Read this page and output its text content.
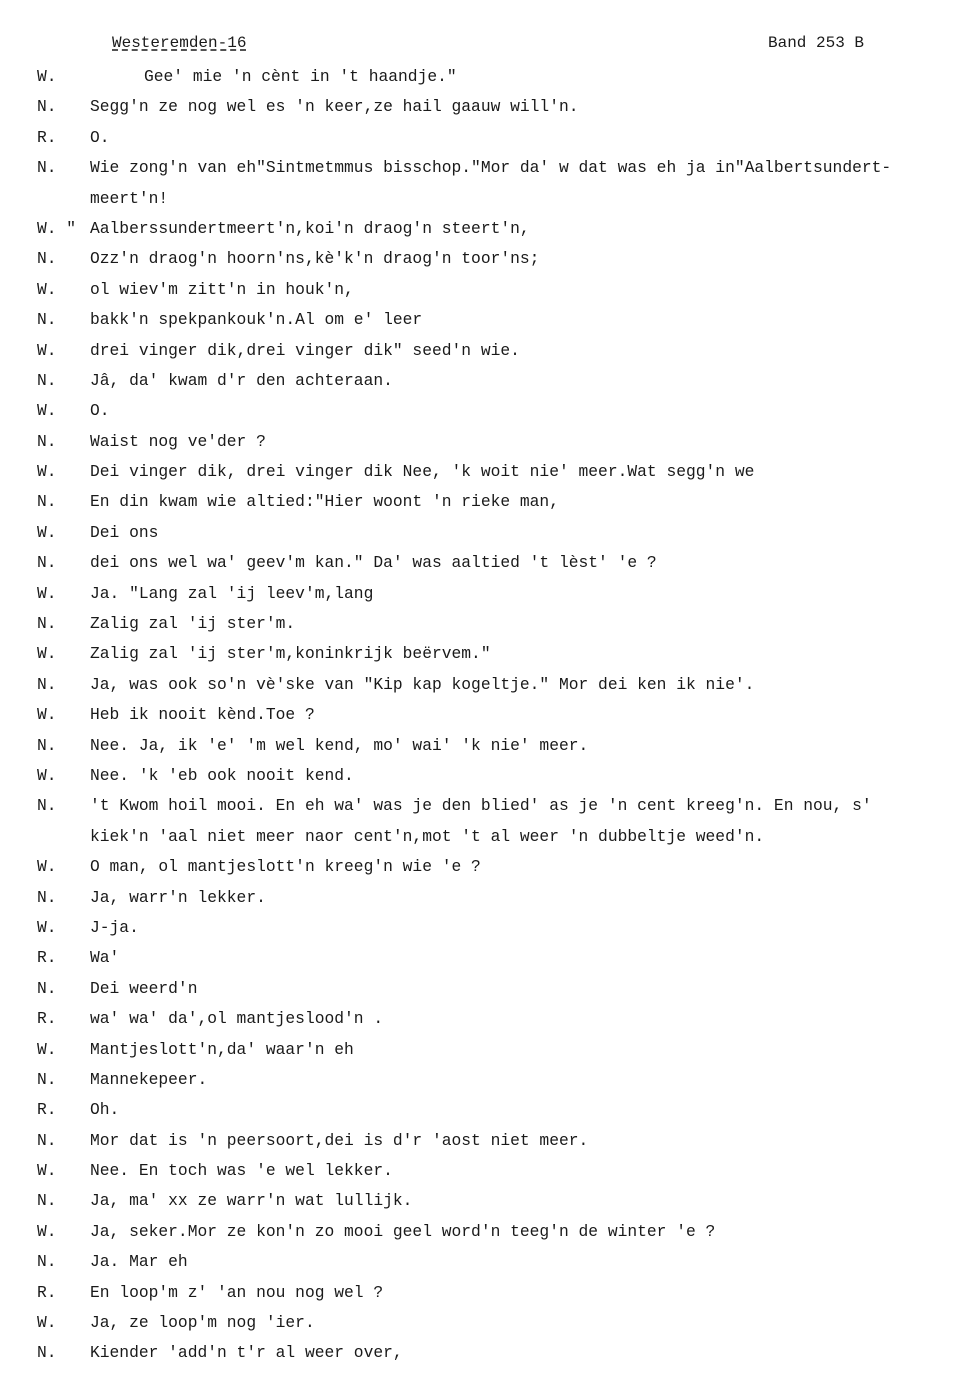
Westeremden-16	Band 253 B
W.	Gee' mie 'n cènt in 't haandje."
N. Segg'n ze nog wel es 'n keer,ze hail gaauw will'n.
R. O.
N. Wie zong'n van eh"Sintmetmmus bisschop."Mor da' w dat was eh ja in"Aalbertsundert-
meert'n!
W. " Aalberssundertmeert'n,koi'n draog'n steert'n,
N. Ozz'n draog'n hoorn'ns,kè'k'n draog'n toor'ns;
W. ol wiev'm zitt'n in houk'n,
N. bakk'n spekpankouk'n.Al om e' leer
W. drei vinger dik,drei vinger dik" seed'n wie.
N. Jâ, da' kwam d'r den achteraan.
W. O.
N. Waist nog ve'der ?
W. Dei vinger dik, drei vinger dik Nee, 'k woit nie' meer.Wat segg'n we
N. En din kwam wie altied:"Hier woont 'n rieke man,
W. Dei ons
N. dei ons wel wa' geev'm kan." Da' was aaltied 't lèst' 'e ?
W. Ja. "Lang zal 'ij leev'm,lang
N. Zalig zal 'ij ster'm.
W. Zalig zal 'ij ster'm,koninkrijk beërvem."
N. Ja, was ook so'n vè'ske van "Kip kap kogeltje." Mor dei ken ik nie'.
W. Heb ik nooit kènd.Toe ?
N. Nee. Ja, ik 'e' 'm wel kend, mo' wai' 'k nie' meer.
W. Nee. 'k 'eb ook nooit kend.
N. 't Kwom hoil mooi. En eh wa' was je den blied' as je 'n cent kreeg'n. En nou, s'
kiek'n 'aal niet meer naor cent'n,mot 't al weer 'n dubbeltje weed'n.
W. O man, ol mantjeslott'n kreeg'n wie 'e ?
N. Ja, warr'n lekker.
W. J-ja.
R. Wa'
N. Dei weerd'n
R. wa' wa' da',ol mantjeslood'n .
W. Mantjeslott'n,da' waar'n eh
N. Mannekepeer.
R. Oh.
N. Mor dat is 'n peersoort,dei is d'r 'aost niet meer.
W. Nee. En toch was 'e wel lekker.
N. Ja, ma' xx ze warr'n wat lullijk.
W. Ja, seker.Mor ze kon'n zo mooi geel word'n teeg'n de winter 'e ?
N. Ja. Mar eh
R. En loop'm z' 'an nou nog wel ?
W. Ja, ze loop'm nog 'ier.
N. Kiender 'add'n t'r al weer over,
